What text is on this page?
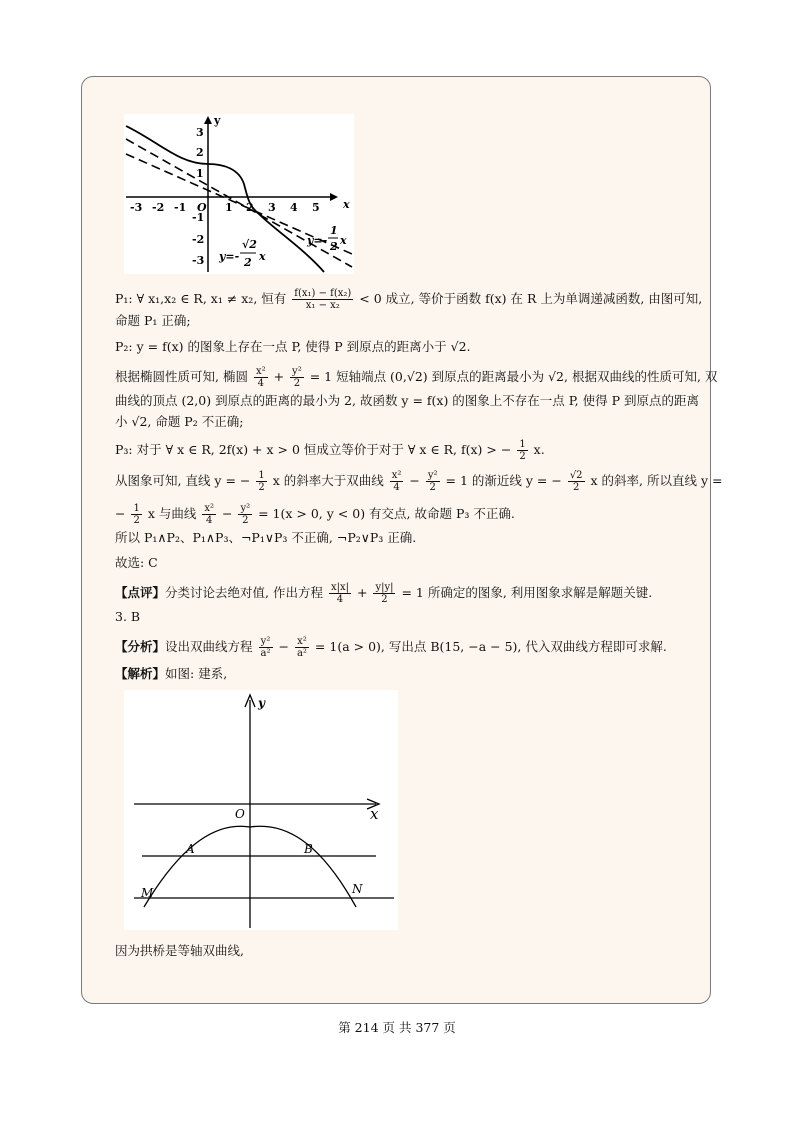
y
x
O
3
2
1
-1
-2
-3
-3 -2 -1	1 2 3 4 5
y=-
1
2 x
y=-
√2
2 x
P₁: ∀ x₁,x₂ ∈ R, x₁ ≠ x₂, 恒有 $\frac{\text{f(x₁) − f(x₂)}}{\text{x₁ − x₂}} < 0$ 成立, 等价于函数 f(x) 在 R 上为单调递减函数, 由图可知,
命题 P₁ 正确;
P₂: y = f(x) 的图象上存在一点 P, 使得 P 到原点的距离小于 √2.
根据椭圆性质可知, 椭圆 $\frac{\text{x²}}{4} + \frac{\text{y²}}{2} = 1$ 短轴端点 (0,√2) 到原点的距离最小为 √2, 根据双曲线的性质可知, 双
曲线的顶点 (2,0) 到原点的距离的最小为 2, 故函数 y = f(x) 的图象上不存在一点 P, 使得 P 到原点的距离
小 √2, 命题 P₂ 不正确;
P₃: 对于 ∀ x ∈ R, 2f(x) + x > 0 恒成立等价于对于 ∀ x ∈ R, f(x) > − $\frac{1}{2} x$.
从图象可知, 直线 y = − $\frac{1}{2}$ x 的斜率大于双曲线 $\frac{\text{x²}}{4} - \frac{\text{y²}}{2} = 1$ 的渐近线 y = − $\frac{√2}{2}$ x 的斜率, 所以直线 y =
− $\frac{1}{2}$ x 与曲线 $\frac{\text{x²}}{4} - \frac{\text{y²}}{2} = 1(x > 0$, y < 0) 有交点, 故命题 P₃ 不正确.
所以 P₁∧P₂、P₁∧P₃、¬P₁∨P₃ 不正确, ¬P₂∨P₃ 正确.
故选: C
【点评】分类讨论去绝对值, 作出方程 $\frac{x|x|}{4} + \frac{y|y|}{2} = 1$ 所确定的图象, 利用图象求解是解题关键.
3. B
【分析】设出双曲线方程 $\frac{\text{y²}}{\text{a²}} - \frac{\text{x²}}{\text{a²}} = 1(a > 0)$, 写出点 B(15, −a − 5), 代入双曲线方程即可求解.
【解析】如图: 建系,
y
x
O
A	B
M	N
因为拱桥是等轴双曲线,
第 214 页 共 377 页
